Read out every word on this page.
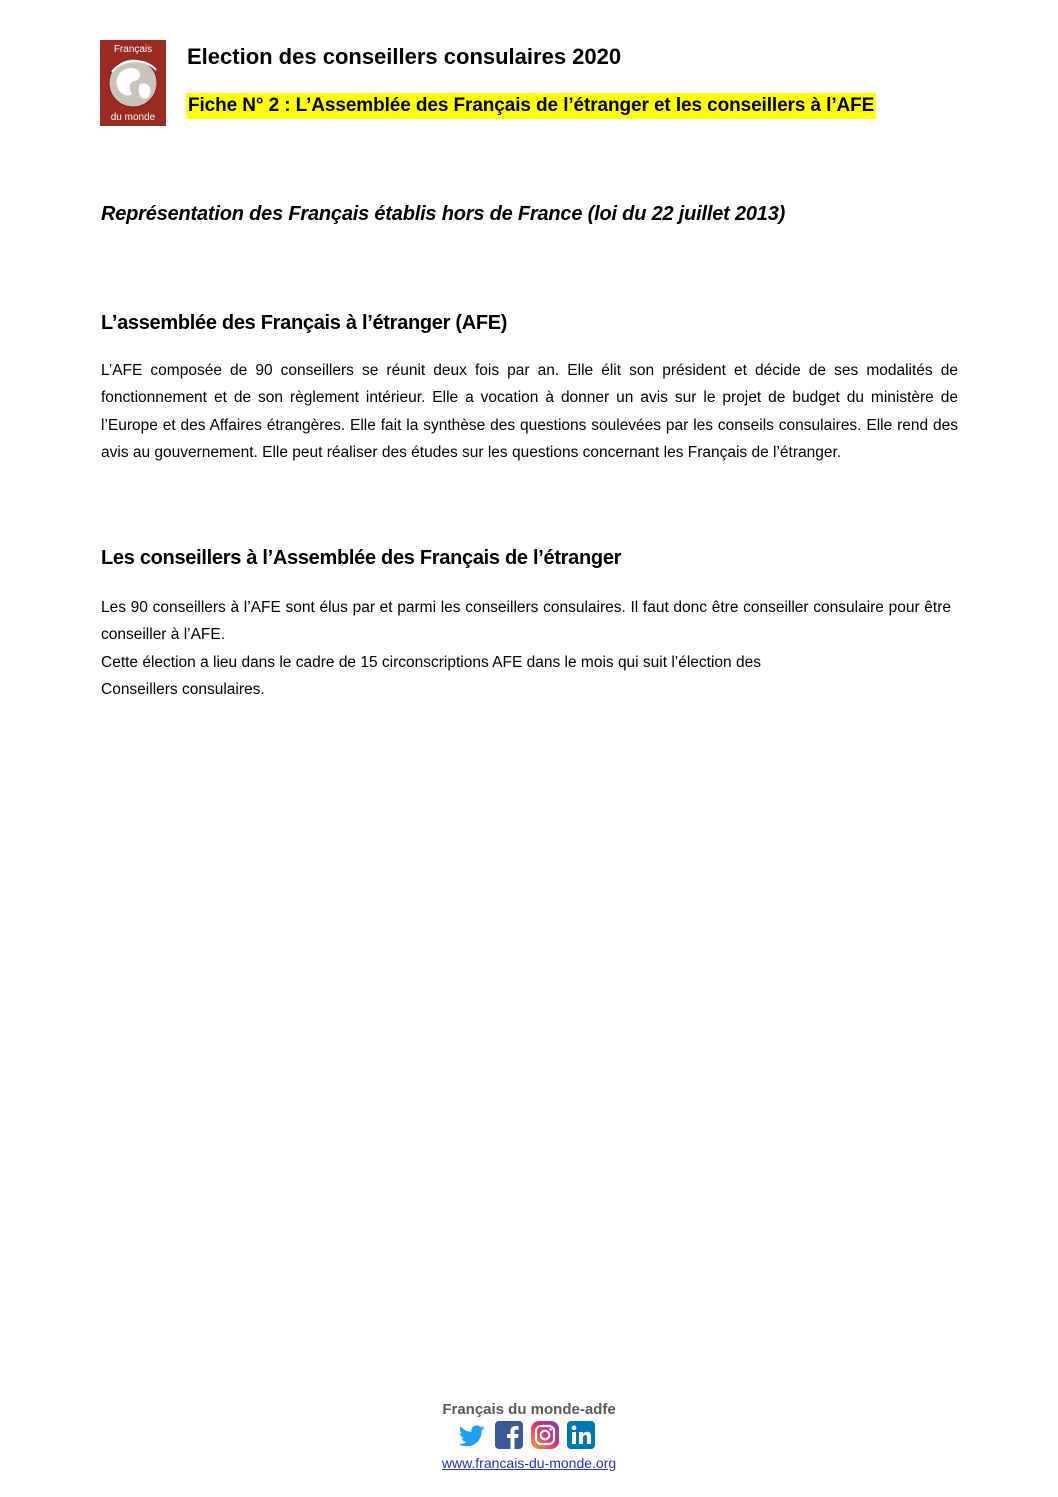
Français
du monde
Election des conseillers consulaires 2020
Fiche N° 2 : L’Assemblée des Français de l’étranger et les conseillers à l’AFE
Représentation des Français établis hors de France (loi du 22 juillet 2013)
L’assemblée des Français à l’étranger (AFE)

L’AFE composée de 90 conseillers se réunit deux fois par an. Elle élit son président et décide de ses modalités de fonctionnement et de son règlement intérieur. Elle a vocation à donner un avis sur le projet de budget du ministère de l’Europe et des Affaires étrangères. Elle fait la synthèse des questions soulevées par les conseils consulaires. Elle rend des avis au gouvernement. Elle peut réaliser des études sur les questions concernant les Français de l’étranger.

Les conseillers à l’Assemblée des Français de l’étranger

Les 90 conseillers à l’AFE sont élus par et parmi les conseillers consulaires. Il faut donc être conseiller consulaire pour être conseiller à l’AFE.

Cette élection a lieu dans le cadre de 15 circonscriptions AFE dans le mois qui suit l’élection des

Conseillers consulaires.

Français du monde-adfe
www.francais-du-monde.org
